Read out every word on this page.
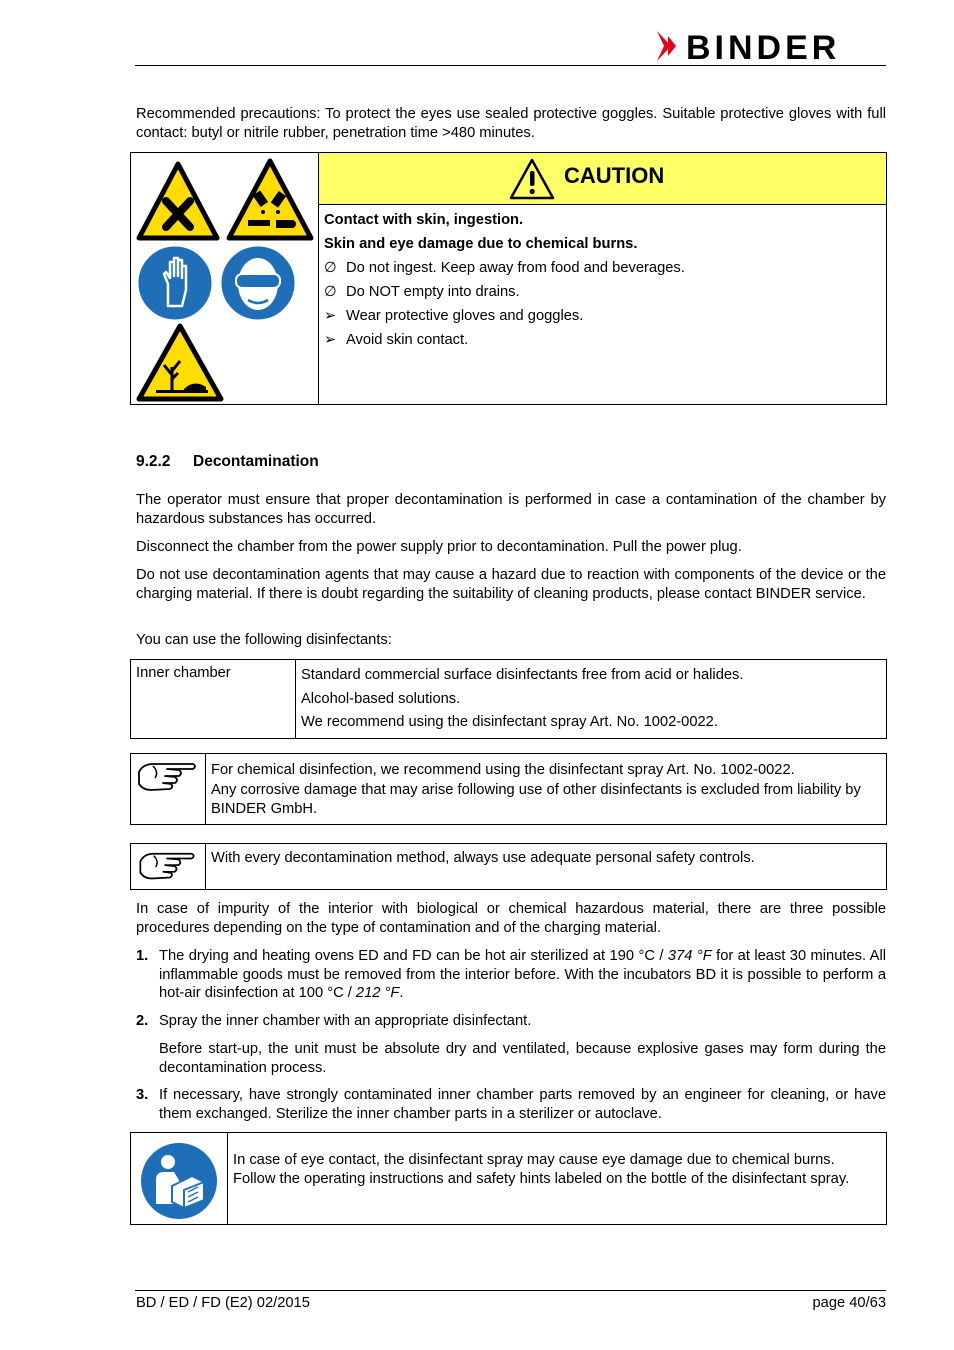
BINDER
Recommended precautions: To protect the eyes use sealed protective goggles. Suitable protective gloves with full contact: butyl or nitrile rubber, penetration time >480 minutes.
CAUTION
Contact with skin, ingestion.
Skin and eye damage due to chemical burns.
∅ Do not ingest. Keep away from food and beverages.
∅ Do NOT empty into drains.
➢ Wear protective gloves and goggles.
➢ Avoid skin contact.
9.2.2 Decontamination
The operator must ensure that proper decontamination is performed in case a contamination of the chamber by hazardous substances has occurred.
Disconnect the chamber from the power supply prior to decontamination. Pull the power plug.
Do not use decontamination agents that may cause a hazard due to reaction with components of the device or the charging material. If there is doubt regarding the suitability of cleaning products, please contact BINDER service.
You can use the following disinfectants:
Inner chamber	Standard commercial surface disinfectants free from acid or halides.
Alcohol-based solutions.
We recommend using the disinfectant spray Art. No. 1002-0022.
For chemical disinfection, we recommend using the disinfectant spray Art. No. 1002-0022.
Any corrosive damage that may arise following use of other disinfectants is excluded from liability by BINDER GmbH.
With every decontamination method, always use adequate personal safety controls.
In case of impurity of the interior with biological or chemical hazardous material, there are three possible procedures depending on the type of contamination and of the charging material.
1. The drying and heating ovens ED and FD can be hot air sterilized at 190 °C / 374 °F for at least 30 minutes. All inflammable goods must be removed from the interior before. With the incubators BD it is possible to perform a hot-air disinfection at 100 °C / 212 °F.
2. Spray the inner chamber with an appropriate disinfectant.
Before start-up, the unit must be absolute dry and ventilated, because explosive gases may form during the decontamination process.
3. If necessary, have strongly contaminated inner chamber parts removed by an engineer for cleaning, or have them exchanged. Sterilize the inner chamber parts in a sterilizer or autoclave.
In case of eye contact, the disinfectant spray may cause eye damage due to chemical burns. Follow the operating instructions and safety hints labeled on the bottle of the disinfectant spray.
BD / ED / FD (E2) 02/2015	page 40/63
